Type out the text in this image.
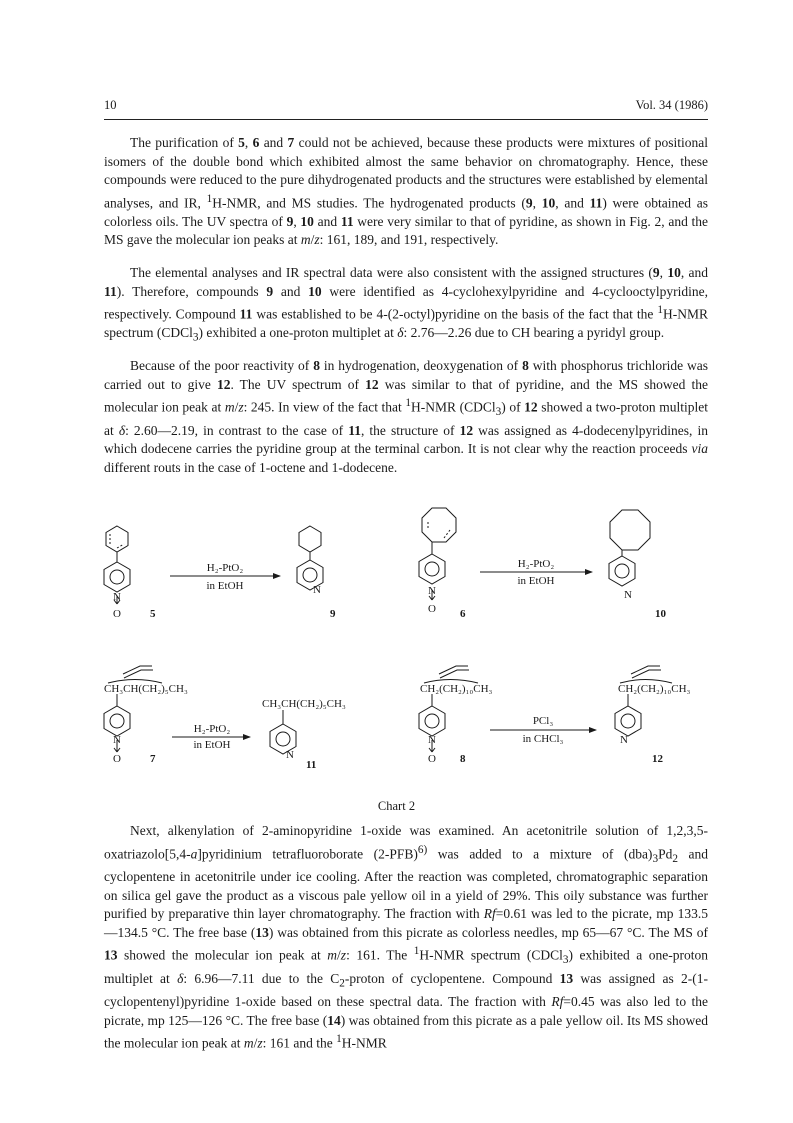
10	Vol. 34 (1986)

The purification of 5, 6 and 7 could not be achieved, because these products were mixtures of positional isomers of the double bond which exhibited almost the same behavior on chromatography. Hence, these compounds were reduced to the pure dihydrogenated products and the structures were established by elemental analyses, and IR, $^1$H-NMR, and MS studies. The hydrogenated products (9, 10, and 11) were obtained as colorless oils. The UV spectra of 9, 10 and 11 were very similar to that of pyridine, as shown in Fig. 2, and the MS gave the molecular ion peaks at m/z: 161, 189, and 191, respectively.

The elemental analyses and IR spectral data were also consistent with the assigned structures (9, 10, and 11). Therefore, compounds 9 and 10 were identified as 4-cyclohexylpyridine and 4-cyclooctylpyridine, respectively. Compound 11 was established to be 4-(2-octyl)pyridine on the basis of the fact that the $^1$H-NMR spectrum (CDCl$_3$) exhibited a one-proton multiplet at δ: 2.76—2.26 due to CH bearing a pyridyl group.

Because of the poor reactivity of 8 in hydrogenation, deoxygenation of 8 with phosphorus trichloride was carried out to give 12. The UV spectrum of 12 was similar to that of pyridine, and the MS showed the molecular ion peak at m/z: 245. In view of the fact that $^1$H-NMR (CDCl$_3$) of 12 showed a two-proton multiplet at δ: 2.60—2.19, in contrast to the case of 11, the structure of 12 was assigned as 4-dodecenylpyridines, in which dodecene carries the pyridine group at the terminal carbon. It is not clear why the reaction proceeds via different routs in the case of 1-octene and 1-dodecene.

H₂-PtO₂
in EtOH
N
O	5
N
9
H₂-PtO₂
in EtOH
N
O 6
N
10
CH₃CH(CH₂)₅CH₃
H₂-PtO₂
in EtOH
N
O	7
CH₃CH(CH₂)₅CH₃
N
11
CH₂(CH₂)₁₀CH₃
PCl₃
in CHCl₃
N
O 8
CH₂(CH₂)₁₀CH₃
N
12
Chart 2

Next, alkenylation of 2-aminopyridine 1-oxide was examined. An acetonitrile solution of 1,2,3,5-oxatriazolo[5,4-a]pyridinium tetrafluoroborate $(2-PFB)^{6)}$ was added to a mixture of $(dba)_3Pd_2$ and cyclopentene in acetonitrile under ice cooling. After the reaction was completed, chromatographic separation on silica gel gave the product as a viscous pale yellow oil in a yield of 29%. This oily substance was further purified by preparative thin layer chromatography. The fraction with Rf=0.61 was led to the picrate, mp 133.5—134.5 °C. The free base (13) was obtained from this picrate as colorless needles, mp 65—67 °C. The MS of 13 showed the molecular ion peak at m/z: 161. The $^1$H-NMR spectrum (CDCl$_3$) exhibited a one-proton multiplet at δ: 6.96—7.11 due to the $C_2$-proton of cyclopentene. Compound 13 was assigned as 2-(1-cyclopentenyl)pyridine 1-oxide based on these spectral data. The fraction with Rf=0.45 was also led to the picrate, mp 125—126 °C. The free base (14) was obtained from this picrate as a pale yellow oil. Its MS showed the molecular ion peak at m/z: 161 and the $^1$H-NMR
